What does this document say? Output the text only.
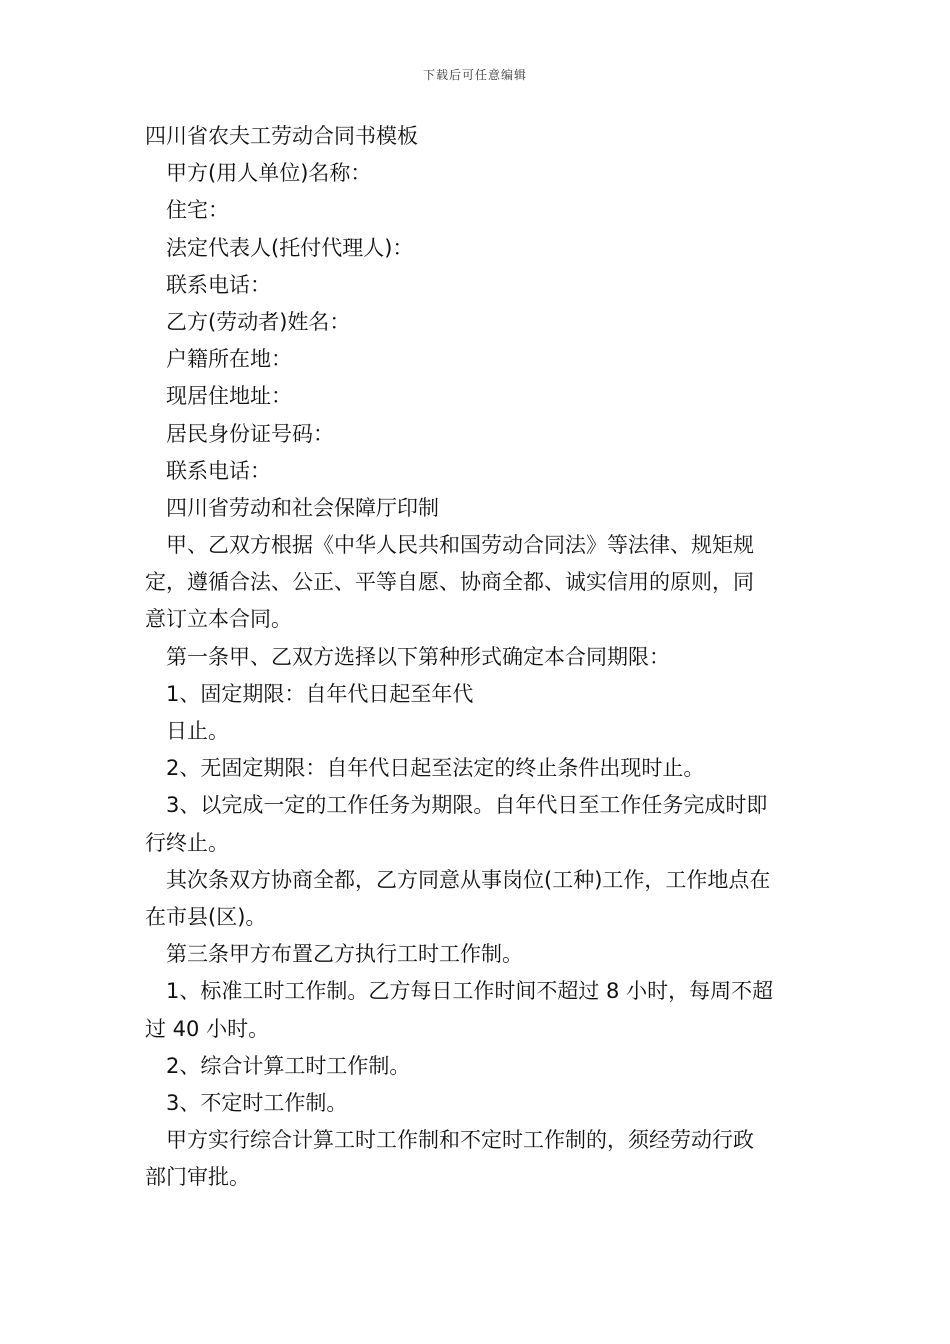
下载后可任意编辑
四川省农夫工劳动合同书模板
甲方(用人单位)名称：
住宅：
法定代表人(托付代理人)：
联系电话：
乙方(劳动者)姓名：
户籍所在地：
现居住地址：
居民身份证号码：
联系电话：
四川省劳动和社会保障厅印制
甲、乙双方根据《中华人民共和国劳动合同法》等法律、规矩规
定，遵循合法、公正、平等自愿、协商全都、诚实信用的原则，同
意订立本合同。
第一条甲、乙双方选择以下第种形式确定本合同期限：
1、固定期限：自年代日起至年代
日止。
2、无固定期限：自年代日起至法定的终止条件出现时止。
3、以完成一定的工作任务为期限。自年代日至工作任务完成时即
行终止。
其次条双方协商全都，乙方同意从事岗位(工种)工作，工作地点在
在市县(区)。
第三条甲方布置乙方执行工时工作制。
1、标准工时工作制。乙方每日工作时间不超过 8 小时，每周不超
过 40 小时。
2、综合计算工时工作制。
3、不定时工作制。
甲方实行综合计算工时工作制和不定时工作制的，须经劳动行政
部门审批。
